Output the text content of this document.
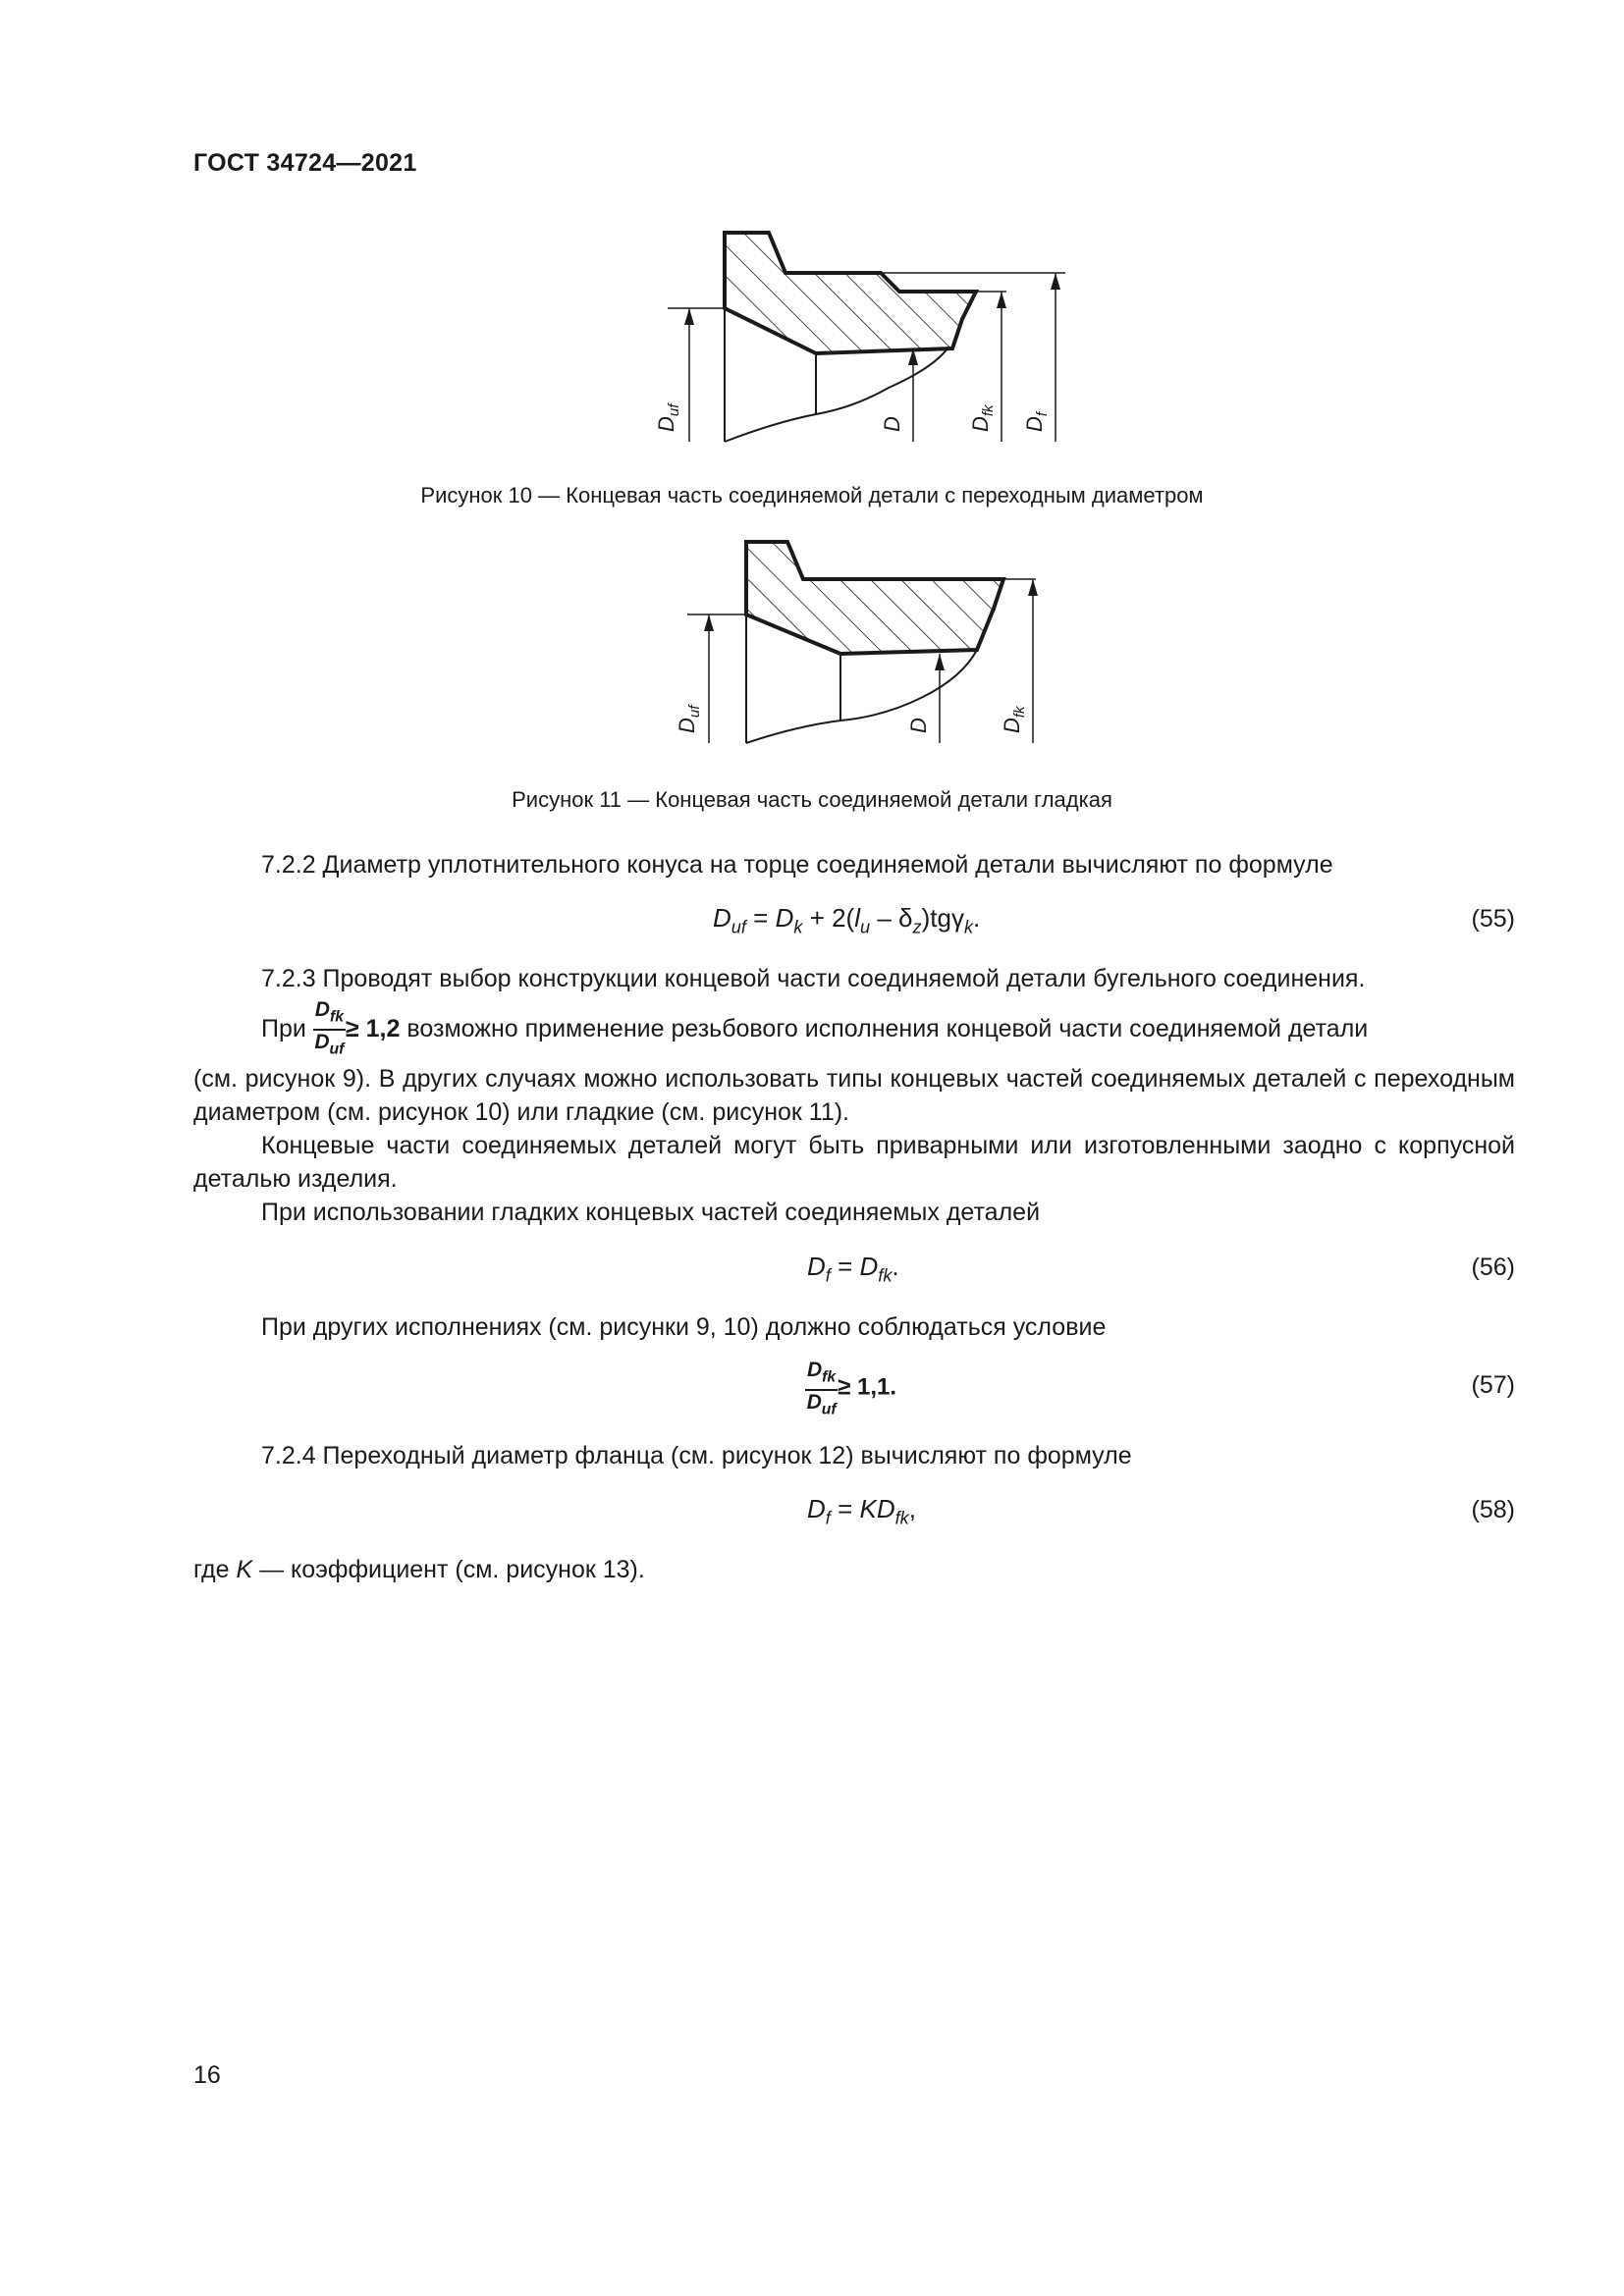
ГОСТ 34724—2021
$D_{uf}$
D	$D_{fk}$
$D_f$
Рисунок 10 — Концевая часть соединяемой детали с переходным диаметром
$D_{uf}$
D	$D_{fk}$
Рисунок 11 — Концевая часть соединяемой детали гладкая
7.2.2 Диаметр уплотнительного конуса на торце соединяемой детали вычисляют по формуле
$D_{uf} = D_k + 2(l_u - \delta_z)tg\gamma_k$.	(55)
7.2.3 Проводят выбор конструкции концевой части соединяемой детали бугельного соединения.
При $\frac{D_{fk}}{D_{uf}} \ge 1,2$ возможно применение резьбового исполнения концевой части соединяемой детали
(см. рисунок 9). В других случаях можно использовать типы концевых частей соединяемых деталей с переходным диаметром (см. рисунок 10) или гладкие (см. рисунок 11).
Концевые части соединяемых деталей могут быть приварными или изготовленными заодно с корпусной деталью изделия.
При использовании гладких концевых частей соединяемых деталей
$D_f = D_{fk}$.	(56)
При других исполнениях (см. рисунки 9, 10) должно соблюдаться условие
$\frac{D_{fk}}{D_{uf}} \ge 1,1$.	(57)
7.2.4 Переходный диаметр фланца (см. рисунок 12) вычисляют по формуле
$D_f = KD_{fk}$,	(58)
где K — коэффициент (см. рисунок 13).
16
